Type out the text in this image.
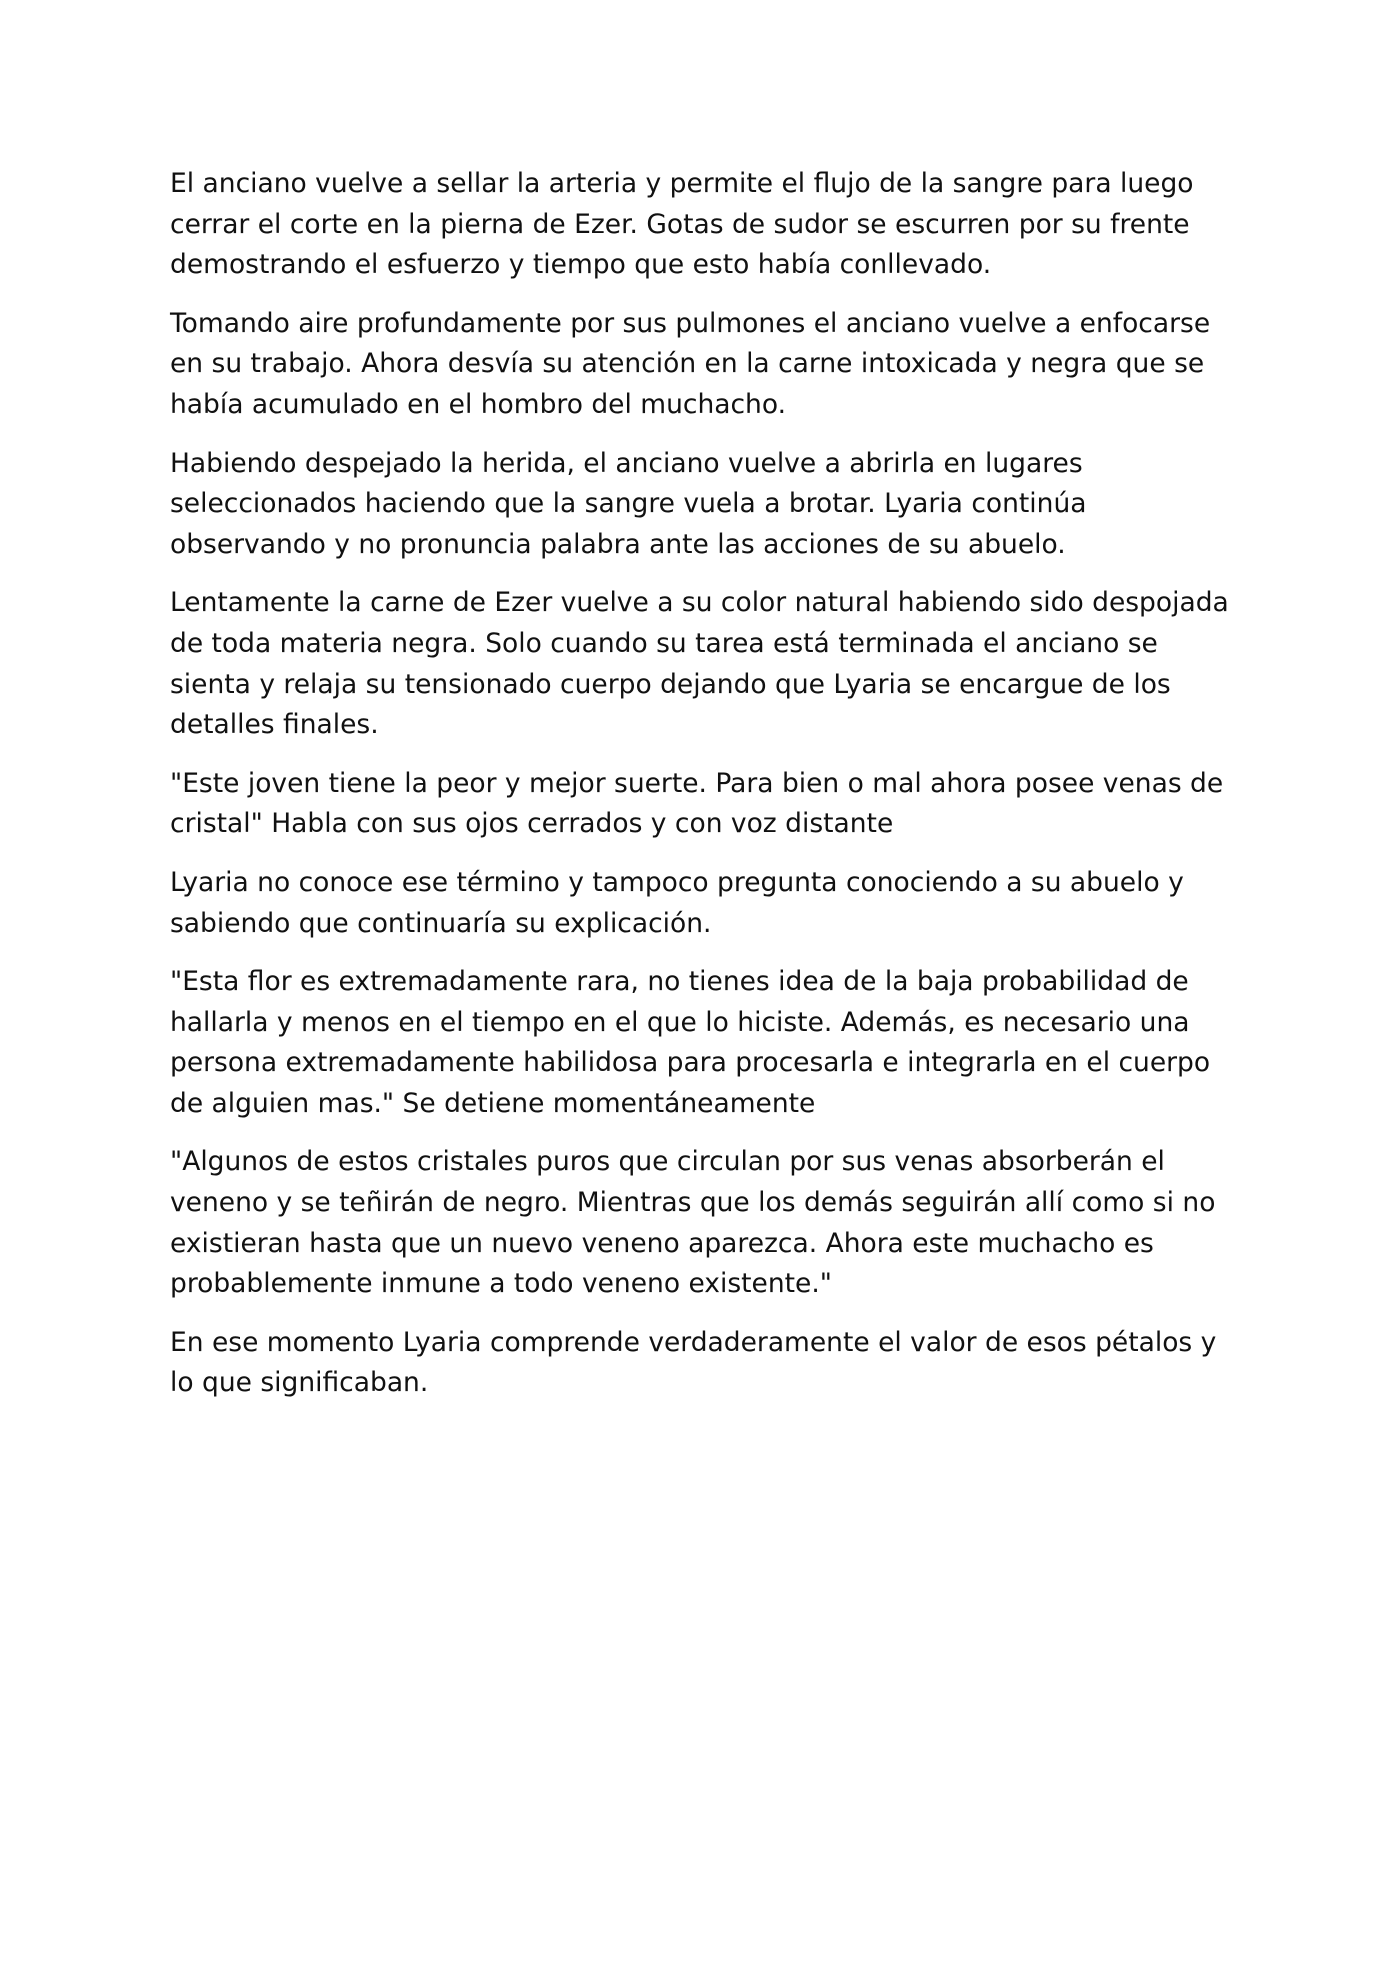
El anciano vuelve a sellar la arteria y permite el flujo de la sangre para luego cerrar el corte en la pierna de Ezer. Gotas de sudor se escurren por su frente demostrando el esfuerzo y tiempo que esto había conllevado.

Tomando aire profundamente por sus pulmones el anciano vuelve a enfocarse en su trabajo. Ahora desvía su atención en la carne intoxicada y negra que se había acumulado en el hombro del muchacho.

Habiendo despejado la herida, el anciano vuelve a abrirla en lugares seleccionados haciendo que la sangre vuela a brotar. Lyaria continúa observando y no pronuncia palabra ante las acciones de su abuelo.

Lentamente la carne de Ezer vuelve a su color natural habiendo sido despojada de toda materia negra. Solo cuando su tarea está terminada el anciano se sienta y relaja su tensionado cuerpo dejando que Lyaria se encargue de los detalles finales.

"Este joven tiene la peor y mejor suerte. Para bien o mal ahora posee venas de cristal" Habla con sus ojos cerrados y con voz distante

Lyaria no conoce ese término y tampoco pregunta conociendo a su abuelo y sabiendo que continuaría su explicación.

"Esta flor es extremadamente rara, no tienes idea de la baja probabilidad de hallarla y menos en el tiempo en el que lo hiciste. Además, es necesario una persona extremadamente habilidosa para procesarla e integrarla en el cuerpo de alguien mas." Se detiene momentáneamente

"Algunos de estos cristales puros que circulan por sus venas absorberán el veneno y se teñirán de negro. Mientras que los demás seguirán allí como si no existieran hasta que un nuevo veneno aparezca. Ahora este muchacho es probablemente inmune a todo veneno existente."

En ese momento Lyaria comprende verdaderamente el valor de esos pétalos y lo que significaban.
